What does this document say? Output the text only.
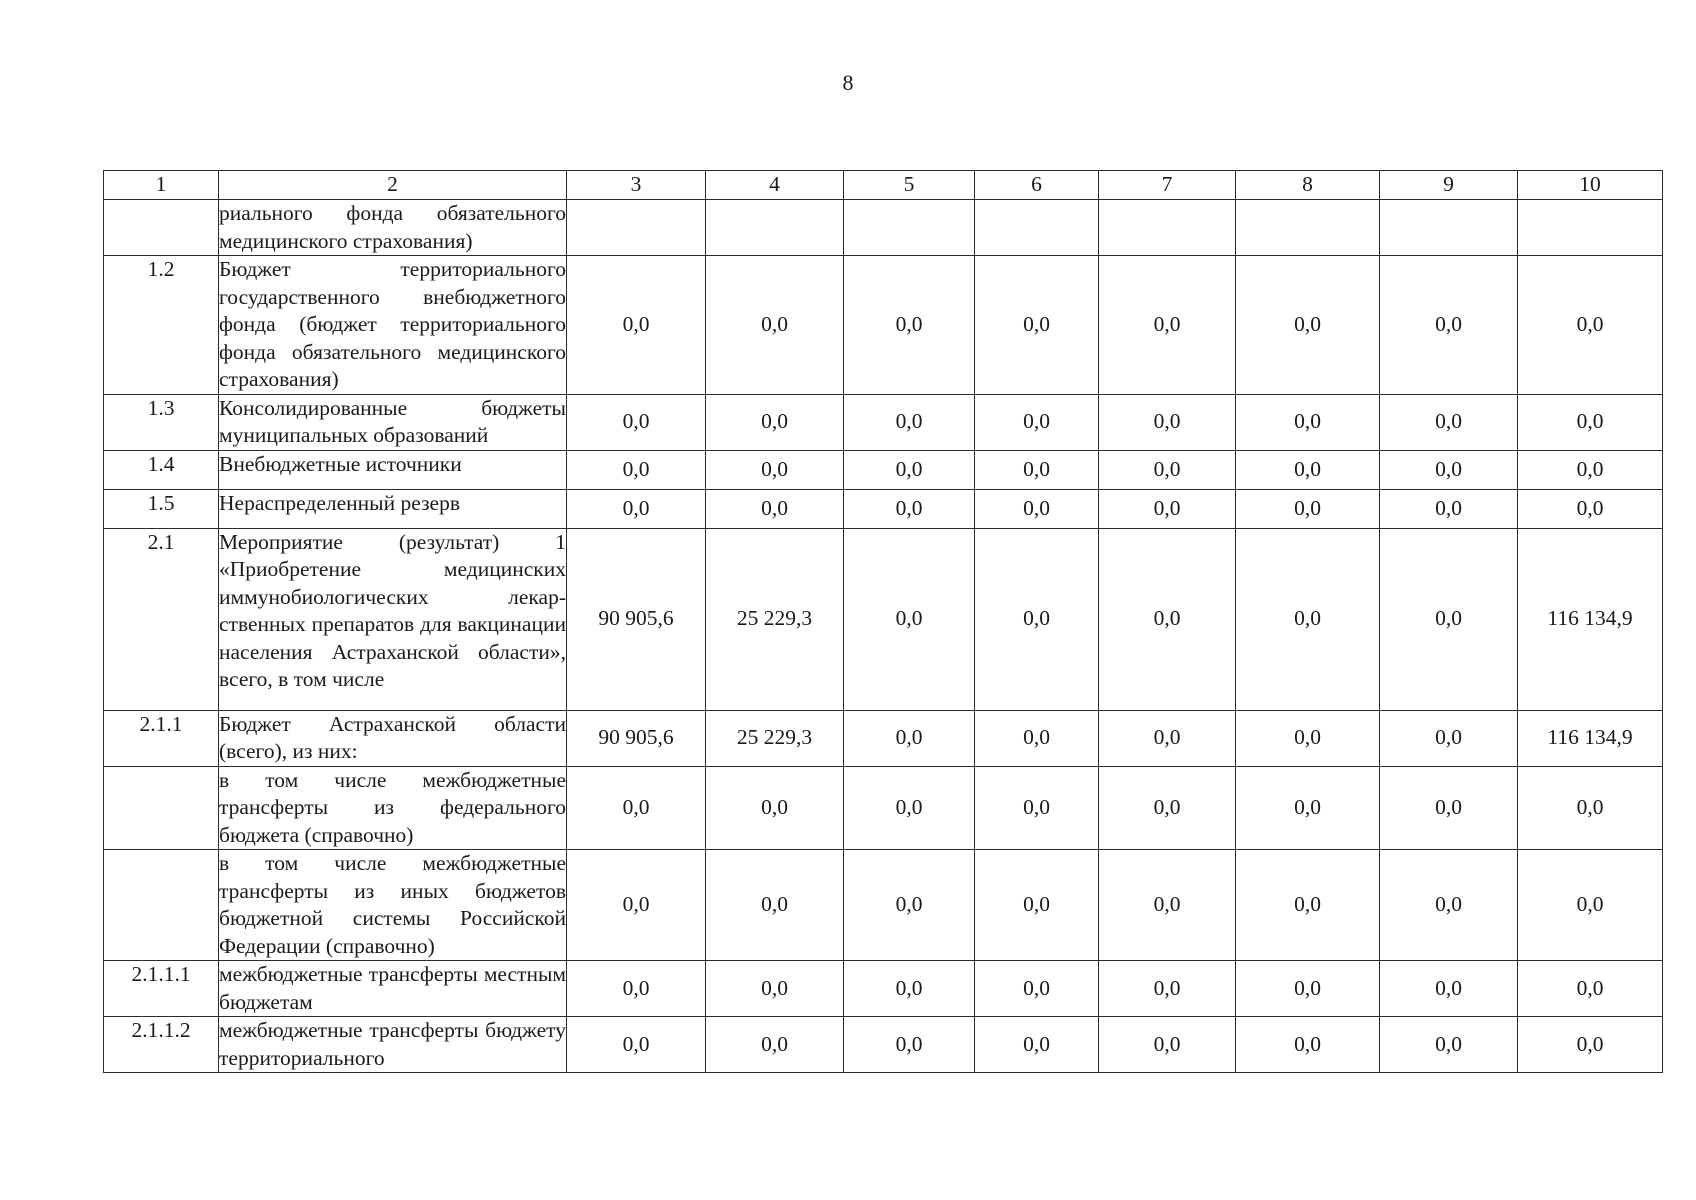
8
1	2	3	4	5	6	7	8	9	10
	риального фонда обязательного медицинского страхования)								
1.2	Бюджет территориального государственного внебюджетного фонда (бюджет территориального фонда обязательного медицинского страхования)	0,0	0,0	0,0	0,0	0,0	0,0	0,0	0,0
1.3	Консолидированные бюджеты муниципальных образований	0,0	0,0	0,0	0,0	0,0	0,0	0,0	0,0
1.4	Внебюджетные источники	0,0	0,0	0,0	0,0	0,0	0,0	0,0	0,0
1.5	Нераспределенный резерв	0,0	0,0	0,0	0,0	0,0	0,0	0,0	0,0
2.1	Мероприятие (результат) 1 «Приобретение медицинских иммунобиологических лекарственных препаратов для вакцинации населения Астраханской области», всего, в том числе	90 905,6	25 229,3	0,0	0,0	0,0	0,0	0,0	116 134,9
2.1.1	Бюджет Астраханской области (всего), из них:	90 905,6	25 229,3	0,0	0,0	0,0	0,0	0,0	116 134,9
	в том числе межбюджетные трансферты из федерального бюджета (справочно)	0,0	0,0	0,0	0,0	0,0	0,0	0,0	0,0
	в том числе межбюджетные трансферты из иных бюджетов бюджетной системы Российской Федерации (справочно)	0,0	0,0	0,0	0,0	0,0	0,0	0,0	0,0
2.1.1.1	межбюджетные трансферты местным бюджетам	0,0	0,0	0,0	0,0	0,0	0,0	0,0	0,0
2.1.1.2	межбюджетные трансферты бюджету территориального	0,0	0,0	0,0	0,0	0,0	0,0	0,0	0,0
